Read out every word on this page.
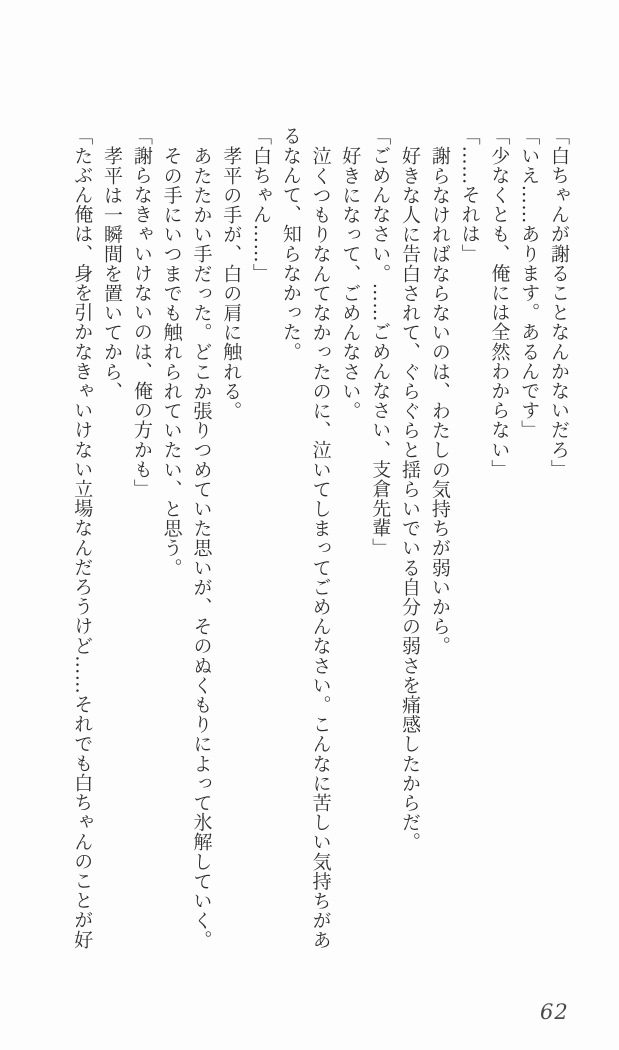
「白ちゃんが謝ることなんかないだろ」

「いえ……あります。あるんです」

「少なくとも、俺には全然わからない」

「……それは」

謝らなければならないのは、わたしの気持ちが弱いから。

好きな人に告白されて、ぐらぐらと揺らいでいる自分の弱さを痛感したからだ。

「ごめんなさい。……ごめんなさい、支倉先輩」

好きになって、ごめんなさい。

泣くつもりなんてなかったのに、泣いてしまってごめんなさい。こんなに苦しい気持ちがあ

るなんて、知らなかった。

「白ちゃん……」

孝平の手が、白の肩に触れる。

あたたかい手だった。どこか張りつめていた思いが、そのぬくもりによって氷解していく。

その手にいつまでも触れられていたい、と思う。

「謝らなきゃいけないのは、俺の方かも」

孝平は一瞬間を置いてから、

「たぶん俺は、身を引かなきゃいけない立場なんだろうけど……それでも白ちゃんのことが好

62
